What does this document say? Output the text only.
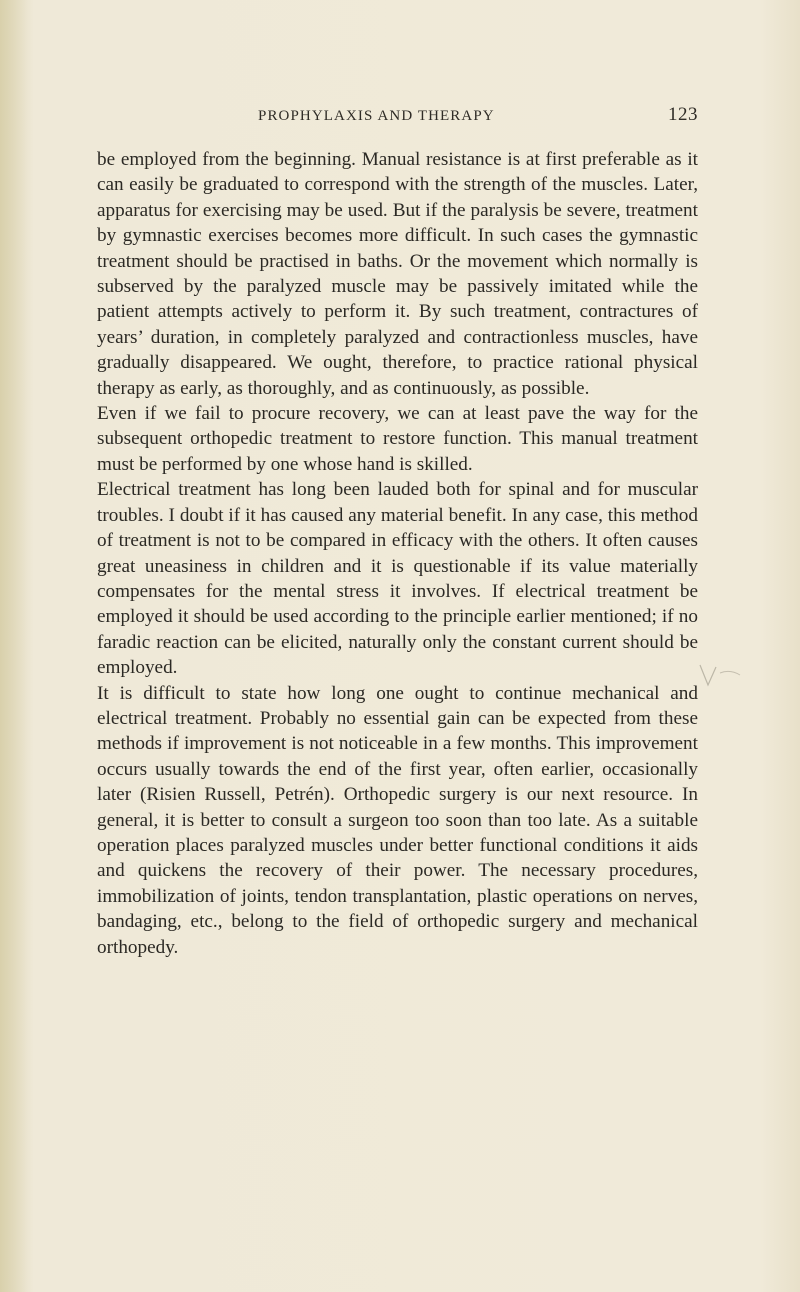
PROPHYLAXIS AND THERAPY	123

be employed from the beginning. Manual resistance is at first preferable as it can easily be graduated to correspond with the strength of the muscles. Later, apparatus for exercising may be used. But if the paralysis be severe, treatment by gymnastic exercises becomes more difficult. In such cases the gymnastic treatment should be practised in baths. Or the movement which normally is subserved by the paralyzed muscle may be passively imitated while the patient attempts actively to perform it. By such treatment, contractures of years’ duration, in completely paralyzed and contractionless muscles, have gradually disappeared. We ought, therefore, to practice rational physical therapy as early, as thoroughly, and as continuously, as possible.

Even if we fail to procure recovery, we can at least pave the way for the subsequent orthopedic treatment to restore function. This manual treatment must be performed by one whose hand is skilled.

Electrical treatment has long been lauded both for spinal and for muscular troubles. I doubt if it has caused any material benefit. In any case, this method of treatment is not to be compared in efficacy with the others. It often causes great uneasiness in children and it is questionable if its value materially compensates for the mental stress it involves. If electrical treatment be employed it should be used according to the principle earlier mentioned; if no faradic reaction can be elicited, naturally only the constant current should be employed.

It is difficult to state how long one ought to continue mechanical and electrical treatment. Probably no essential gain can be expected from these methods if improvement is not noticeable in a few months. This improvement occurs usually towards the end of the first year, often earlier, occasionally later (Risien Russell, Petrén). Orthopedic surgery is our next resource. In general, it is better to consult a surgeon too soon than too late. As a suitable operation places paralyzed muscles under better functional conditions it aids and quickens the recovery of their power. The necessary procedures, immobilization of joints, tendon transplantation, plastic operations on nerves, bandaging, etc., belong to the field of orthopedic surgery and mechanical orthopedy.
